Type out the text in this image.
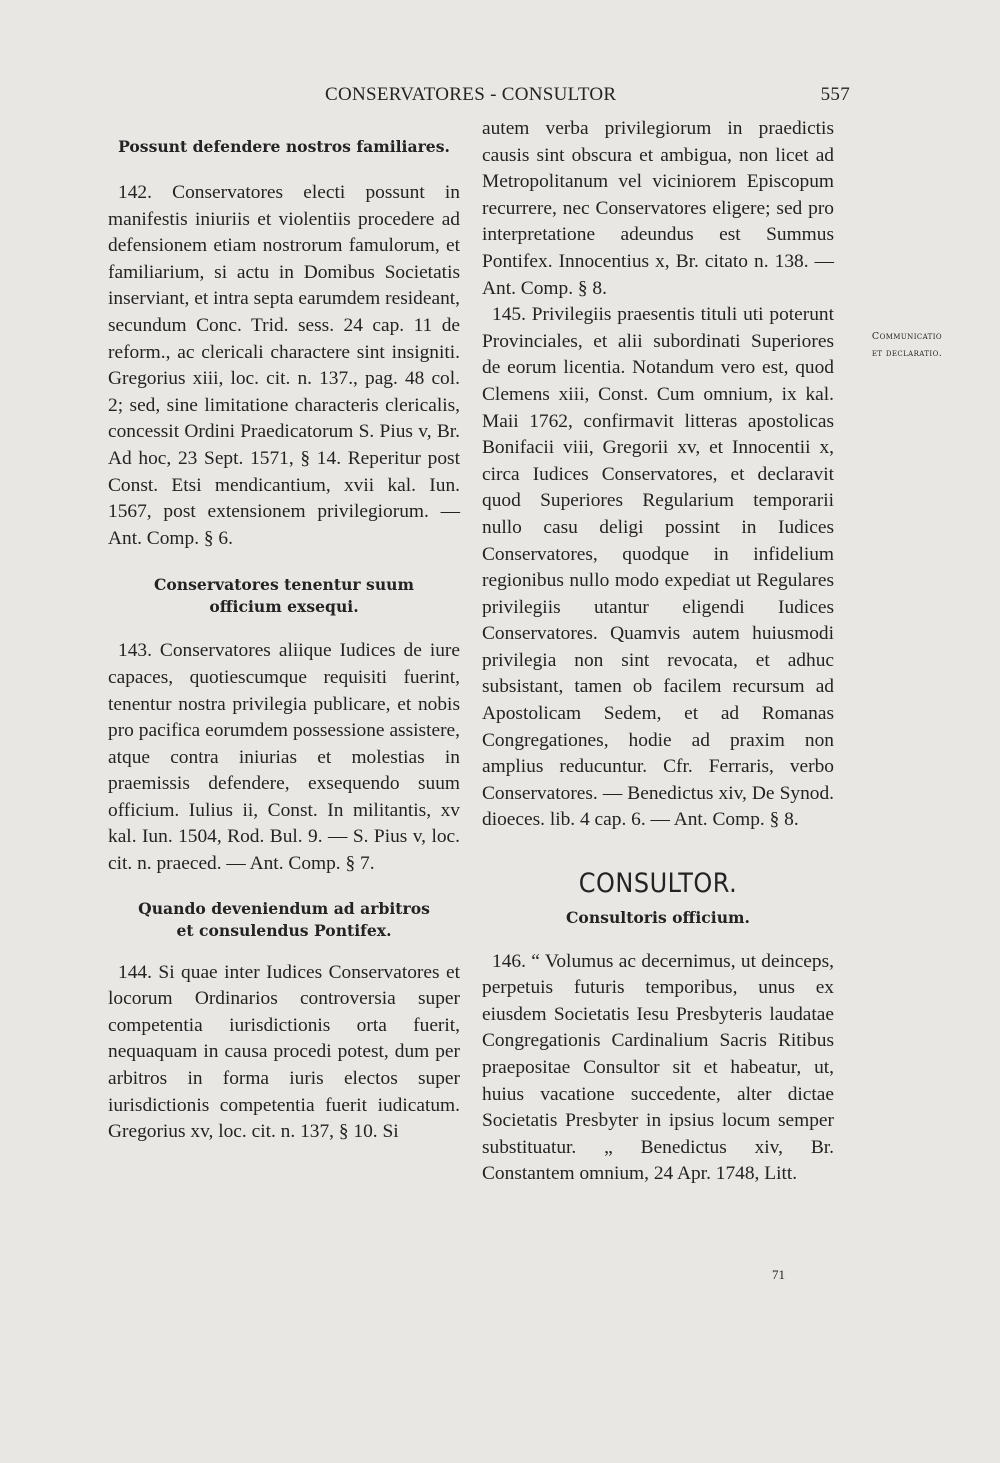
CONSERVATORES - CONSULTOR	557
Possunt defendere nostros familiares.

142. Conservatores electi possunt in manifestis iniuriis et violentiis procedere ad defensionem etiam nostrorum famulorum, et familiarium, si actu in Domibus Societatis inserviant, et intra septa earumdem resideant, secundum Conc. Trid. sess. 24 cap. 11 de reform., ac clericali charactere sint insigniti. Gregorius xiii, loc. cit. n. 137., pag. 48 col. 2; sed, sine limitatione characteris clericalis, concessit Ordini Praedicatorum S. Pius v, Br. Ad hoc, 23 Sept. 1571, § 14. Reperitur post Const. Etsi mendicantium, xvii kal. Iun. 1567, post extensionem privilegiorum. — Ant. Comp. § 6.

Conservatores tenentur suum
officium exsequi.

143. Conservatores aliique Iudices de iure capaces, quotiescumque requisiti fuerint, tenentur nostra privilegia publicare, et nobis pro pacifica eorumdem possessione assistere, atque contra iniurias et molestias in praemissis defendere, exsequendo suum officium. Iulius ii, Const. In militantis, xv kal. Iun. 1504, Rod. Bul. 9. — S. Pius v, loc. cit. n. praeced. — Ant. Comp. § 7.

Quando deveniendum ad arbitros
et consulendus Pontifex.

144. Si quae inter Iudices Conservatores et locorum Ordinarios controversia super competentia iurisdictionis orta fuerit, nequaquam in causa procedi potest, dum per arbitros in forma iuris electos super iurisdictionis competentia fuerit iudicatum. Gregorius xv, loc. cit. n. 137, § 10. Si

autem verba privilegiorum in praedictis causis sint obscura et ambigua, non licet ad Metropolitanum vel viciniorem Episcopum recurrere, nec Conservatores eligere; sed pro interpretatione adeundus est Summus Pontifex. Innocentius x, Br. citato n. 138. — Ant. Comp. § 8.

145. Privilegiis praesentis tituli uti poterunt Provinciales, et alii subordinati Superiores de eorum licentia. Notandum vero est, quod Clemens xiii, Const. Cum omnium, ix kal. Maii 1762, confirmavit litteras apostolicas Bonifacii viii, Gregorii xv, et Innocentii x, circa Iudices Conservatores, et declaravit quod Superiores Regularium temporarii nullo casu deligi possint in Iudices Conservatores, quodque in infidelium regionibus nullo modo expediat ut Regulares privilegiis utantur eligendi Iudices Conservatores. Quamvis autem huiusmodi privilegia non sint revocata, et adhuc subsistant, tamen ob facilem recursum ad Apostolicam Sedem, et ad Romanas Congregationes, hodie ad praxim non amplius reducuntur. Cfr. Ferraris, verbo Conservatores. — Benedictus xiv, De Synod. dioeces. lib. 4 cap. 6. — Ant. Comp. § 8.

CONSULTOR.
Consultoris officium.

146. “ Volumus ac decernimus, ut deinceps, perpetuis futuris temporibus, unus ex eiusdem Societatis Iesu Presbyteris laudatae Congregationis Cardinalium Sacris Ritibus praepositae Consultor sit et habeatur, ut, huius vacatione succedente, alter dictae Societatis Presbyter in ipsius locum semper substituatur. „ Benedictus xiv, Br. Constantem omnium, 24 Apr. 1748, Litt.

Communicatio
et declaratio.
71
